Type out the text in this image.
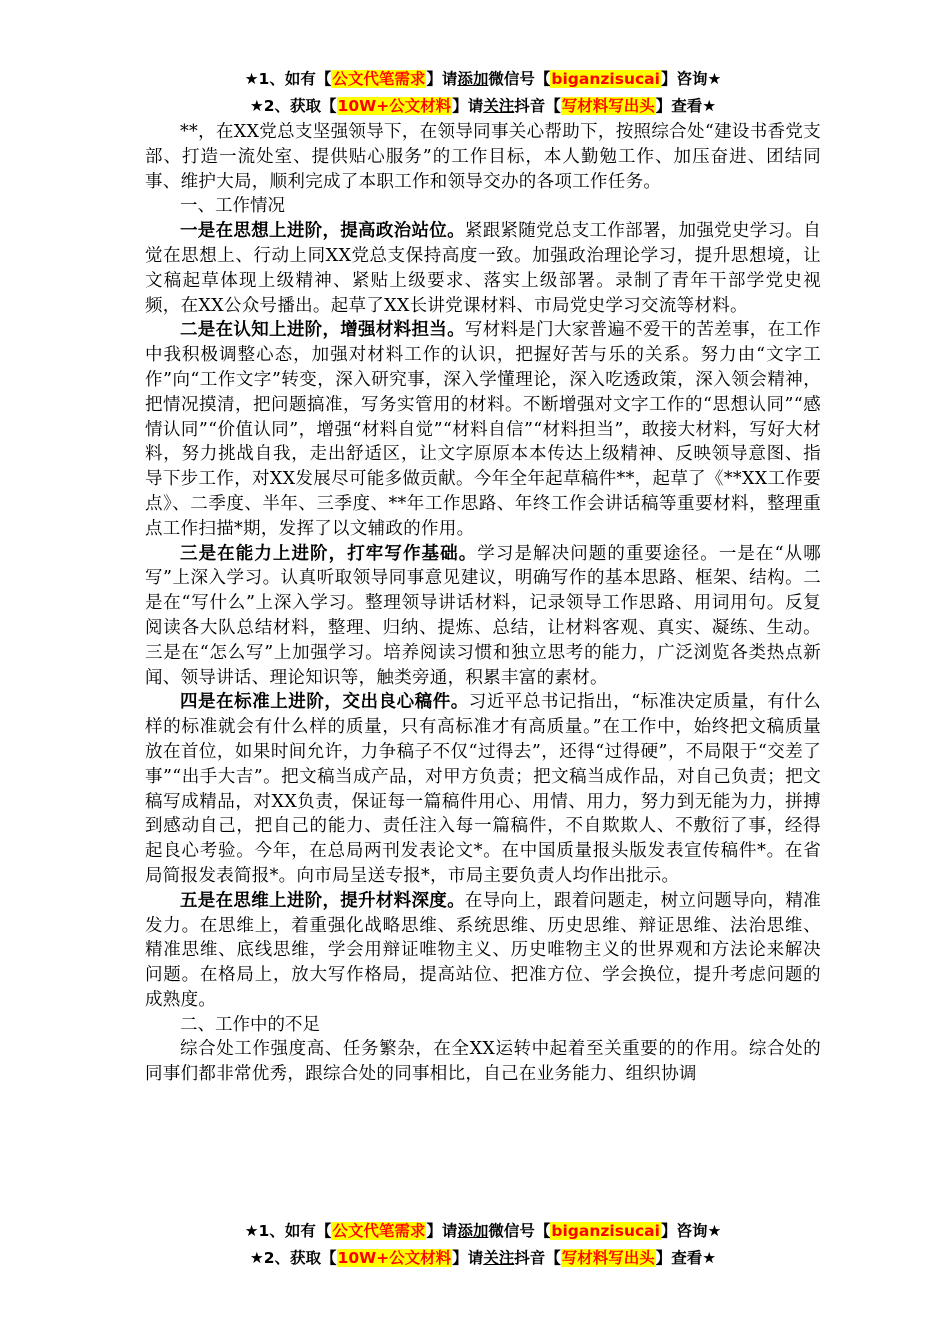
★1、如有【公文代笔需求】请添加微信号【biganzisucai】咨询★
★2、获取【10W+公文材料】请关注抖音【写材料写出头】查看★

**，在XX党总支坚强领导下，在领导同事关心帮助下，按照综合处“建设书香党支部、打造一流处室、提供贴心服务”的工作目标，本人勤勉工作、加压奋进、团结同事、维护大局，顺利完成了本职工作和领导交办的各项工作任务。

一、工作情况

一是在思想上进阶，提高政治站位。紧跟紧随党总支工作部署，加强党史学习。自觉在思想上、行动上同XX党总支保持高度一致。加强政治理论学习，提升思想境，让文稿起草体现上级精神、紧贴上级要求、落实上级部署。录制了青年干部学党史视频，在XX公众号播出。起草了XX长讲党课材料、市局党史学习交流等材料。

二是在认知上进阶，增强材料担当。写材料是门大家普遍不爱干的苦差事，在工作中我积极调整心态，加强对材料工作的认识，把握好苦与乐的关系。努力由“文字工作”向“工作文字”转变，深入研究事，深入学懂理论，深入吃透政策，深入领会精神，把情况摸清，把问题搞准，写务实管用的材料。不断增强对文字工作的“思想认同”“感情认同”“价值认同”，增强“材料自觉”“材料自信”“材料担当”，敢接大材料，写好大材料，努力挑战自我，走出舒适区，让文字原原本本传达上级精神、反映领导意图、指导下步工作，对XX发展尽可能多做贡献。今年全年起草稿件**，起草了《**XX工作要点》、二季度、半年、三季度、**年工作思路、年终工作会讲话稿等重要材料，整理重点工作扫描*期，发挥了以文辅政的作用。

三是在能力上进阶，打牢写作基础。学习是解决问题的重要途径。一是在“从哪写”上深入学习。认真听取领导同事意见建议，明确写作的基本思路、框架、结构。二是在“写什么”上深入学习。整理领导讲话材料，记录领导工作思路、用词用句。反复阅读各大队总结材料，整理、归纳、提炼、总结，让材料客观、真实、凝练、生动。三是在“怎么写”上加强学习。培养阅读习惯和独立思考的能力，广泛浏览各类热点新闻、领导讲话、理论知识等，触类旁通，积累丰富的素材。

四是在标准上进阶，交出良心稿件。习近平总书记指出，“标准决定质量，有什么样的标准就会有什么样的质量，只有高标准才有高质量。”在工作中，始终把文稿质量放在首位，如果时间允许，力争稿子不仅“过得去”，还得“过得硬”，不局限于“交差了事”“出手大吉”。把文稿当成产品，对甲方负责；把文稿当成作品，对自己负责；把文稿写成精品，对XX负责，保证每一篇稿件用心、用情、用力，努力到无能为力，拼搏到感动自己，把自己的能力、责任注入每一篇稿件，不自欺欺人、不敷衍了事，经得起良心考验。今年，在总局两刊发表论文*。在中国质量报头版发表宣传稿件*。在省局简报发表简报*。向市局呈送专报*，市局主要负责人均作出批示。

五是在思维上进阶，提升材料深度。在导向上，跟着问题走，树立问题导向，精准发力。在思维上，着重强化战略思维、系统思维、历史思维、辩证思维、法治思维、精准思维、底线思维，学会用辩证唯物主义、历史唯物主义的世界观和方法论来解决问题。在格局上，放大写作格局，提高站位、把准方位、学会换位，提升考虑问题的成熟度。

二、工作中的不足

综合处工作强度高、任务繁杂，在全XX运转中起着至关重要的的作用。综合处的同事们都非常优秀，跟综合处的同事相比，自己在业务能力、组织协调

★1、如有【公文代笔需求】请添加微信号【biganzisucai】咨询★
★2、获取【10W+公文材料】请关注抖音【写材料写出头】查看★
